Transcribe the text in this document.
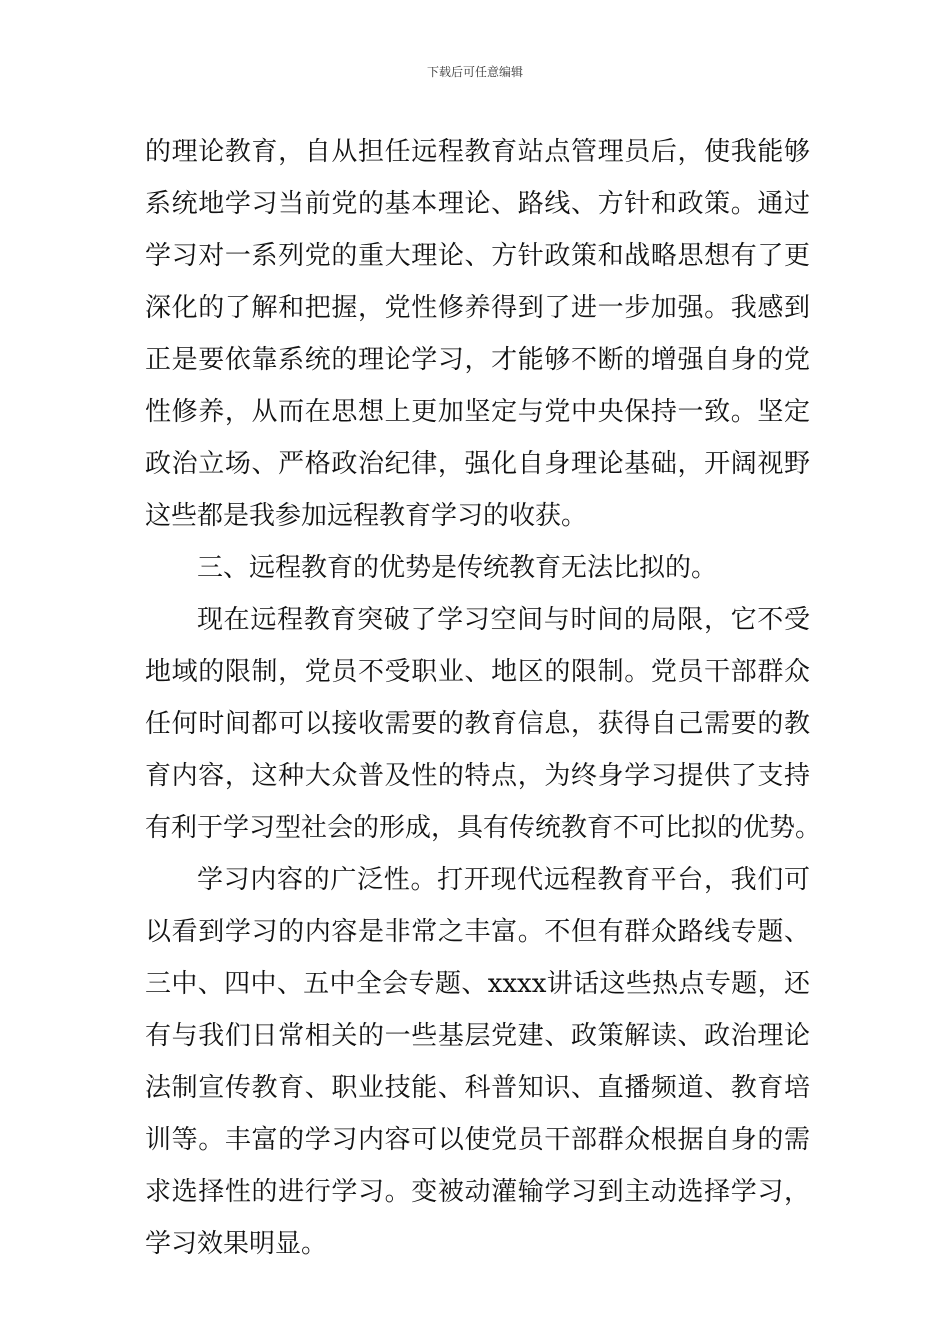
下载后可任意编辑
的理论教育，自从担任远程教育站点管理员后，使我能够
系统地学习当前党的基本理论、路线、方针和政策。通过
学习对一系列党的重大理论、方针政策和战略思想有了更
深化的了解和把握，党性修养得到了进一步加强。我感到
正是要依靠系统的理论学习，才能够不断的增强自身的党
性修养，从而在思想上更加坚定与党中央保持一致。坚定
政治立场、严格政治纪律，强化自身理论基础，开阔视野
这些都是我参加远程教育学习的收获。
三、远程教育的优势是传统教育无法比拟的。
现在远程教育突破了学习空间与时间的局限，它不受
地域的限制，党员不受职业、地区的限制。党员干部群众
任何时间都可以接收需要的教育信息，获得自己需要的教
育内容，这种大众普及性的特点，为终身学习提供了支持
有利于学习型社会的形成，具有传统教育不可比拟的优势。
学习内容的广泛性。打开现代远程教育平台，我们可
以看到学习的内容是非常之丰富。不但有群众路线专题、
三中、四中、五中全会专题、xxxx讲话这些热点专题，还
有与我们日常相关的一些基层党建、政策解读、政治理论
法制宣传教育、职业技能、科普知识、直播频道、教育培
训等。丰富的学习内容可以使党员干部群众根据自身的需
求选择性的进行学习。变被动灌输学习到主动选择学习，
学习效果明显。
